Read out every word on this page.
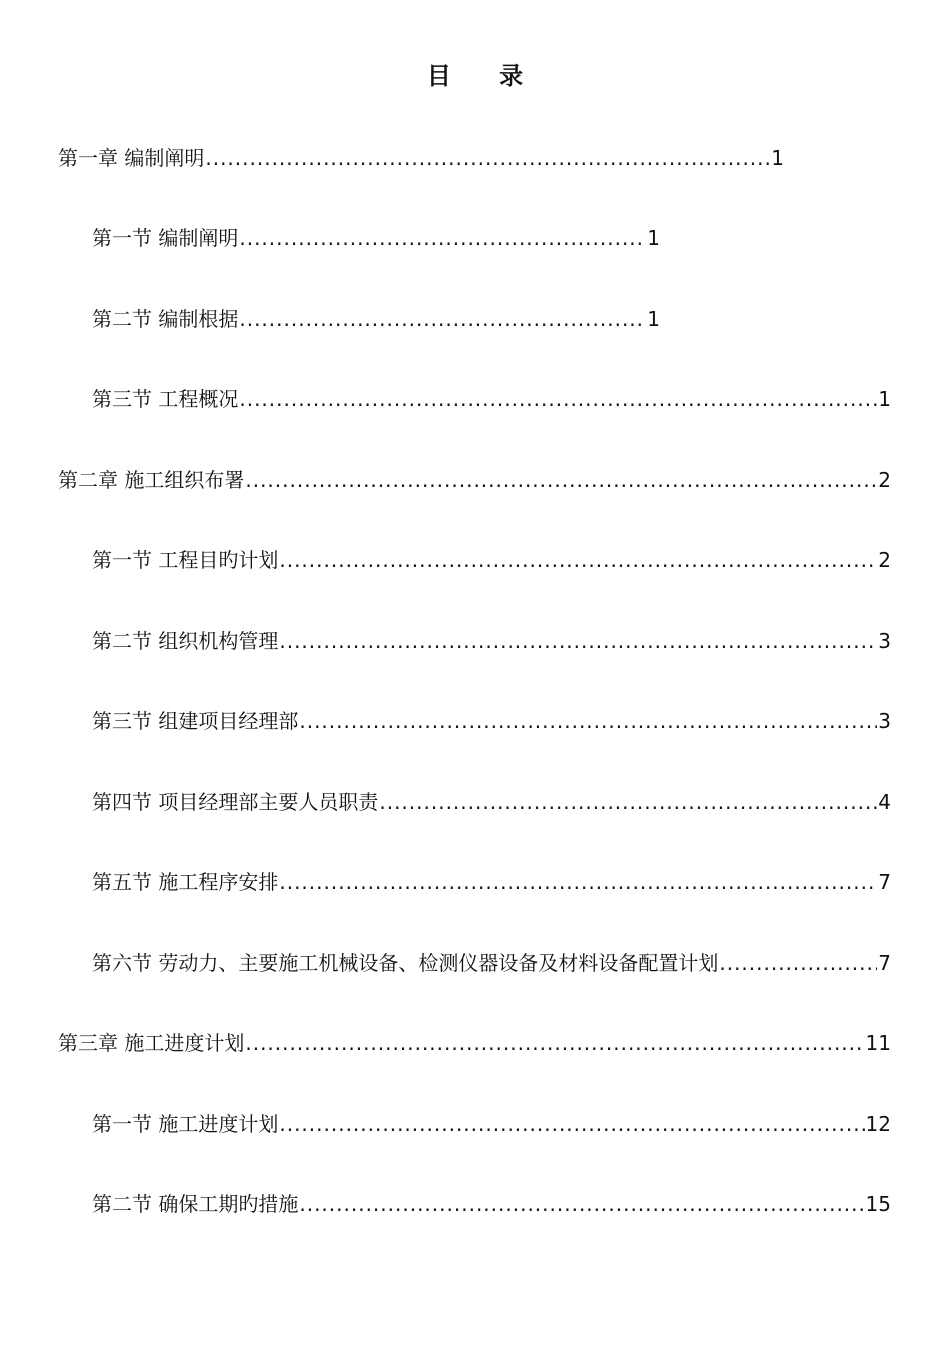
目 录
第一章 编制阐明 .....	1
第一节 编制阐明 .....	1
第二节 编制根据 .....	1
第三节 工程概况 .....	1
第二章 施工组织布署 .....	2
第一节 工程目旳计划 .....	2
第二节 组织机构管理 .....	3
第三节 组建项目经理部 .....	3
第四节 项目经理部主要人员职责 .....	4
第五节 施工程序安排 .....	7
第六节 劳动力、主要施工机械设备、检测仪器设备及材料设备配置计划 .....	7
第三章 施工进度计划 .....	11
第一节 施工进度计划 .....	12
第二节 确保工期旳措施 .....	15
